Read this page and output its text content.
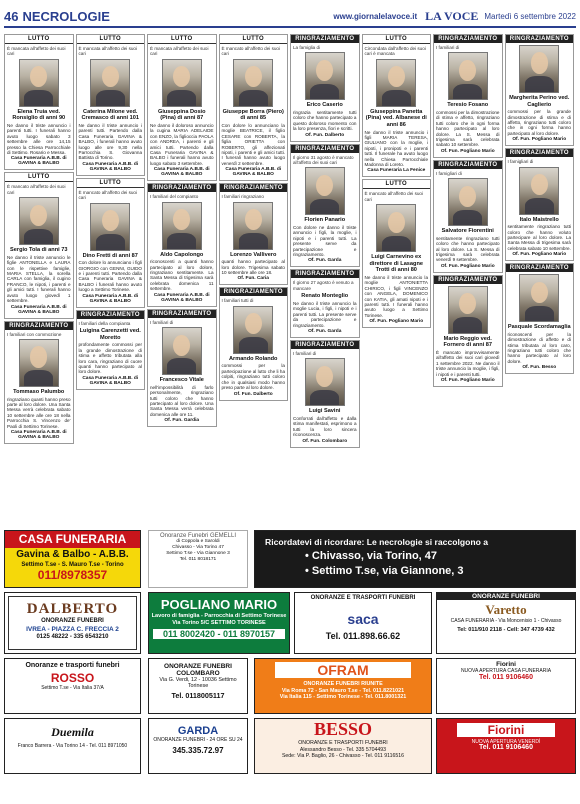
46 NECROLOGIE	www.giornalelavoce.it LA VOCE Martedì 6 settembre 2022
LUTTO
È mancata all'affetto dei suoi cari
Elena Truia ved. Ronsiglio di anni 90
Ne danno il triste annuncio i parenti tutti. I funerali hanno avuto luogo sabato 3 settembre alle ore 14,15 presso la Chiesa Parrocchiale di Settimo. Rosario e Messa.
Casa Funeraria A.B.B. di GAVINA & BALBO
LUTTO
È mancato all'affetto dei suoi cari
Sergio Tola di anni 73
Ne danno il triste annuncio le figlie ANTONELLA e LAURA con le rispettive famiglie, MARIA STELLA, la sorella CARLA con famiglia, il cugino FRANCO, le nipoti, i parenti e gli amici tutti. I funerali hanno avuto luogo giovedì 1 settembre.
Casa Funeraria A.B.B. di GAVINA & BALBO
RINGRAZIAMENTO
I familiari con commozione
Tommaso Palumbo
ringraziano quanti hanno preso parte al loro dolore. Una Santa Messa verrà celebrata sabato 10 settembre alle ore 18 nella Parrocchia S. Vincenzo de' Paoli di Settimo Torinese.
Casa Funeraria A.B.B. di GAVINA & BALBO
LUTTO
È mancata all'affetto dei suoi cari
Caterina Milone ved. Cremasco di anni 101
Ne danno il triste annuncio i parenti tutti. Partendo dalla Casa Funeraria GAVINA & BALBO, i funerali hanno avuto luogo alle ore 9,30 nella Parrocchia S. Giovanna Battista di Torino.
Casa Funeraria A.B.B. di GAVINA & BALBO
LUTTO
È mancato all'affetto dei suoi cari
Dino Fretti di anni 87
Con dolore lo annunciano i figli GIORGIO con GENNI, GUIDO e i parenti tutti. Partendo dalla Casa Funeraria GAVINA & BALBO i funerali hanno avuto luogo a Settimo Torinese.
Casa Funeraria A.B.B. di GAVINA & BALBO
RINGRAZIAMENTO
I familiari della compianta
Luigina Carenzetti ved. Moretto
profondamente commossi per la grande dimostrazione di stima e affetto tributata alla loro cara, ringraziano di cuore quanti hanno partecipato al loro dolore.
Casa Funeraria A.B.B. di GAVINA & BALBO
LUTTO
È mancata all'affetto dei suoi cari
Giuseppina Dosio (Pina) di anni 87
Ne danno il doloroso annuncio la cugina MARIA ADELAIDE con ENZO, la figlioccia PAOLA con ANDREA, i parenti e gli amici tutti. Partendo dalla Casa Funeraria GAVINA & BALBO i funerali hanno avuto luogo sabato 3 settembre.
Casa Funeraria A.B.B. di GAVINA & BALBO
RINGRAZIAMENTO
I familiari del compianto
Aldo Capolongo
riconoscenti a quanti hanno partecipato al loro dolore, ringraziano sentitamente. La Santa Messa di trigesima sarà celebrata domenica 11 settembre.
Casa Funeraria A.B.B. di GAVINA & BALBO
RINGRAZIAMENTO
I familiari di
Francesco Vitale
nell'impossibilità di farlo personalmente, ringraziano tutti coloro che hanno partecipato al loro dolore. Una Santa Messa verrà celebrata domenica alle ore 11.
Of. Fun. Gardia
LUTTO
È mancato all'affetto dei suoi cari
Giuseppe Borra (Piero) di anni 85
Con dolore lo annunciano la moglie BEATRICE, il figlio CESARE con ROBERTA, la figlia ORIETTA con ROBERTO, gli affezionati nipoti, i parenti e gli amici tutti. I funerali hanno avuto luogo venerdì 2 settembre.
Casa Funeraria A.B.B. di GAVINA & BALBO
RINGRAZIAMENTO
I familiari ringraziano
Lorenzo Vallivero
quanti hanno partecipato al loro dolore. Trigesima sabato 10 settembre alle ore 18.
Of. Fun. Caria
RINGRAZIAMENTO
I familiari tutti di
Armando Rolando
commossi per la partecipazione al lutto che li ha colpiti, ringraziano tutti coloro che in qualsiasi modo hanno preso parte al loro dolore.
Of. Fun. Dalberto
RINGRAZIAMENTO
La famiglia di
Erico Caserio
ringrazia sentitamente tutti coloro che hanno partecipato a questo doloroso momento con la loro presenza, fiori e scritti.
Of. Fun. Dalberto
RINGRAZIAMENTO
Il giorno 31 agosto è mancato all'affetto dei suoi cari
Florien Panario
Con dolore ne danno il triste annuncio i figli, la moglie, i nipoti e i parenti tutti. La presente serve da partecipazione e ringraziamento.
Of. Fun. Garda
RINGRAZIAMENTO
Il giorno 27 agosto è venuto a mancare
Renato Monteglio
Ne danno il triste annuncio la moglie Lucia, i figli, i nipoti e i parenti tutti. La presente serve da partecipazione e ringraziamento.
Of. Fun. Garda
RINGRAZIAMENTO
I familiari di
Luigi Savini
Conforrati dall'affetto e dalla stima manifestati, esprimono a tutti la loro sincera riconoscenza.
Of. Fun. Colombaro
LUTTO
Circondata dall'affetto dei suoi cari è mancata
Giuseppina Panetta (Pina) ved. Albanese di anni 86
Ne danno il triste annuncio i figli MARIA TERESA, GIULIANO con la moglie, i nipoti, i pronipoti e i parenti tutti. Il funerale ha avuto luogo nella Chiesa Parrocchiale Madonna di Loreto.
Casa Funeraria La Fenice
LUTTO
È mancato all'affetto dei suoi cari
Luigi Carnevino ex direttore di Lasagne Trotti di anni 80
Ne danno il triste annuncio la moglie ANTONIETTA CHIRICO, i figli VINCENZO con ANGELA, DOMENICO con KATIA, gli amati nipoti e i parenti tutti. I funerali hanno avuto luogo a Settimo Torinese.
Of. Fun. Pogliano Mario
RINGRAZIAMENTO
I familiari di
Teresio Fosano
commossi per la dimostrazione di stima e affetto, ringraziano tutti coloro che in ogni forma hanno partecipato al loro dolore. La S. Messa di trigesima sarà celebrata sabato 10 settembre.
Of. Fun. Pogliano Mario
RINGRAZIAMENTO
I famigliari di
Salvatore Fiorentini
sentitamente ringraziano tutti coloro che hanno partecipato al loro dolore. La S. Messa di trigesima sarà celebrata venerdì 9 settembre.
Of. Fun. Pogliano Mario
RINGRAZIAMENTO
Mario Reggio ved. Fornero di anni 87
È mancato improvvisamente all'affetto dei suoi cari giovedì 1 settembre 2022. Ne danno il triste annuncio la moglie, i figli, i nipoti e i parenti tutti.
Of. Fun. Pogliano Mario
RINGRAZIAMENTO
Margherita Perino ved. Caglierio
commossi per la grande dimostrazione di stima e di affetto, ringraziano tutti coloro che in ogni forma hanno partecipato al loro dolore.
Of. Fun. Pogliano Mario
RINGRAZIAMENTO
I famigliari di
Italo Maistrello
sentitamente ringraziano tutti coloro che hanno voluto partecipare al loro dolore. La Santa Messa di trigesima sarà celebrata sabato 10 settembre.
Of. Fun. Pogliano Mario
RINGRAZIAMENTO
Pasquale Scordamaglia
riconoscenti per la dimostrazione di affetto e di stima tributata al loro caro, ringraziano tutti coloro che hanno partecipato al loro dolore.
Of. Fun. Besso
CASA FUNERARIA
Gavina & Balbo - A.B.B.
Settimo T.se - S. Mauro T.se - Torino
011/8978357
Onoranze Funebri GEMELLI
di Coppola e Saroldi
Chivasso - Via Torino 47
Settimo T.se - Via Giannone 3
Tel. 011 8018171
Ricordatevi di ricordare: Le necrologie si raccolgono a
• Chivasso, via Torino, 47
• Settimo T.se, via Giannone, 3
DALBERTO
ONORANZE FUNEBRI
IVREA - PIAZZA C. FRECCIA 2
0125 48222 - 335 6543210
POGLIANO MARIO
Lavoro di famiglia - Parrocchia di Settimo Torinese
Via Torino 5/C SETTIMO TORINESE
011 8002420 - 011 8970157
ONORANZE E TRASPORTI FUNEBRI
saca
Tel. 011.898.66.62
ONORANZE FUNEBRI
Varetto
CASA FUNERARIA - Via Moncenisio 1 - Chivasso
Tel: 011/910 2118 - Cell: 347 4739 432
Onoranze e trasporti funebri
ROSSO
Settimo T.se - Via Italia 37/A
ONORANZE FUNEBRI
COLOMBARO
Via G. Verdi, 12 - 10036 Settimo Torinese
Tel. 0118005117
OFRAM
ONORANZE FUNEBRI RIUNITE
Via Roma 72 - San Mauro T.se - Tel. 011.8221021
Via Italia 115 - Settimo Torinese - Tel. 011.8001321
Fiorini
NUOVA APERTURA CASA FUNERARIA
Tel. 011 9106460
Duemila
Franco Barrera - Via Torino 14 - Tel. 011 8971050
GARDA
ONORANZE FUNEBRI - 24 ORE SU 24
345.335.72.97
BESSO
ONORANZE E TRASPORTI FUNEBRI
Alessandro Besso - Tel. 335 5704493
Sede: Via P. Baglio, 26 - Chivasso - Tel. 011 9116516
Fiorini
NUOVA APERTURA VENERDÌ
Tel. 011 9106460
